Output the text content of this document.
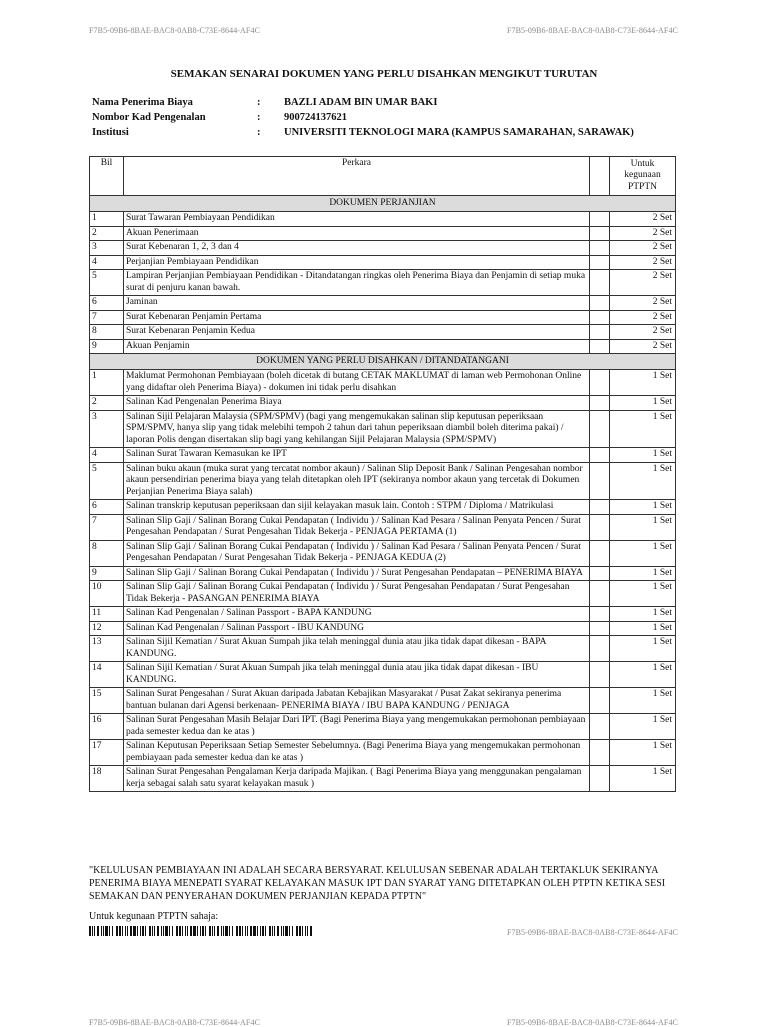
F7B5-09B6-8BAE-BAC8-0AB8-C73E-8644-AF4C	F7B5-09B6-8BAE-BAC8-0AB8-C73E-8644-AF4C
SEMAKAN SENARAI DOKUMEN YANG PERLU DISAHKAN MENGIKUT TURUTAN
Nama Penerima Biaya	: BAZLI ADAM BIN UMAR BAKI
Nombor Kad Pengenalan	: 900724137621
Institusi	: UNIVERSITI TEKNOLOGI MARA (KAMPUS SAMARAHAN, SARAWAK)
Bil	Perkara		Untuk kegunaan PTPTN
DOKUMEN PERJANJIAN			
1	Surat Tawaran Pembiayaan Pendidikan		2 Set
2	Akuan Penerimaan		2 Set
3	Surat Kebenaran 1, 2, 3 dan 4		2 Set
4	Perjanjian Pembiayaan Pendidikan		2 Set
5	Lampiran Perjanjian Pembiayaan Pendidikan - Ditandatangan ringkas oleh Penerima Biaya dan Penjamin di setiap muka surat di penjuru kanan bawah.		2 Set
6	Jaminan		2 Set
7	Surat Kebenaran Penjamin Pertama		2 Set
8	Surat Kebenaran Penjamin Kedua		2 Set
9	Akuan Penjamin		2 Set
DOKUMEN YANG PERLU DISAHKAN / DITANDATANGANI			
1	Maklumat Permohonan Pembiayaan (boleh dicetak di butang CETAK MAKLUMAT di laman web Permohonan Online yang didaftar oleh Penerima Biaya) - dokumen ini tidak perlu disahkan		1 Set
2	Salinan Kad Pengenalan Penerima Biaya		1 Set
3	Salinan Sijil Pelajaran Malaysia (SPM/SPMV) (bagi yang mengemukakan salinan slip keputusan peperiksaan SPM/SPMV, hanya slip yang tidak melebihi tempoh 2 tahun dari tahun peperiksaan diambil boleh diterima pakai) / laporan Polis dengan disertakan slip bagi yang kehilangan Sijil Pelajaran Malaysia (SPM/SPMV)		1 Set
4	Salinan Surat Tawaran Kemasukan ke IPT		1 Set
5	Salinan buku akaun (muka surat yang tercatat nombor akaun) / Salinan Slip Deposit Bank / Salinan Pengesahan nombor akaun persendirian penerima biaya yang telah ditetapkan oleh IPT (sekiranya nombor akaun yang tercetak di Dokumen Perjanjian Penerima Biaya salah)		1 Set
6	Salinan transkrip keputusan peperiksaan dan sijil kelayakan masuk lain. Contoh : STPM / Diploma / Matrikulasi		1 Set
7	Salinan Slip Gaji / Salinan Borang Cukai Pendapatan ( Individu ) / Salinan Kad Pesara / Salinan Penyata Pencen / Surat Pengesahan Pendapatan / Surat Pengesahan Tidak Bekerja - PENJAGA PERTAMA (1)		1 Set
8	Salinan Slip Gaji / Salinan Borang Cukai Pendapatan ( Individu ) / Salinan Kad Pesara / Salinan Penyata Pencen / Surat Pengesahan Pendapatan / Surat Pengesahan Tidak Bekerja - PENJAGA KEDUA (2)		1 Set
9	Salinan Slip Gaji / Salinan Borang Cukai Pendapatan ( Individu ) / Surat Pengesahan Pendapatan – PENERIMA BIAYA		1 Set
10	Salinan Slip Gaji / Salinan Borang Cukai Pendapatan ( Individu ) / Surat Pengesahan Pendapatan / Surat Pengesahan Tidak Bekerja - PASANGAN PENERIMA BIAYA		1 Set
11	Salinan Kad Pengenalan / Salinan Passport - BAPA KANDUNG		1 Set
12	Salinan Kad Pengenalan / Salinan Passport - IBU KANDUNG		1 Set
13	Salinan Sijil Kematian / Surat Akuan Sumpah jika telah meninggal dunia atau jika tidak dapat dikesan - BAPA KANDUNG.		1 Set
14	Salinan Sijil Kematian / Surat Akuan Sumpah jika telah meninggal dunia atau jika tidak dapat dikesan - IBU KANDUNG.		1 Set
15	Salinan Surat Pengesahan / Surat Akuan daripada Jabatan Kebajikan Masyarakat / Pusat Zakat sekiranya penerima bantuan bulanan dari Agensi berkenaan- PENERIMA BIAYA / IBU BAPA KANDUNG / PENJAGA		1 Set
16	Salinan Surat Pengesahan Masih Belajar Dari IPT. (Bagi Penerima Biaya yang mengemukakan permohonan pembiayaan pada semester kedua dan ke atas )		1 Set
17	Salinan Keputusan Peperiksaan Setiap Semester Sebelumnya. (Bagi Penerima Biaya yang mengemukakan permohonan pembiayaan pada semester kedua dan ke atas )		1 Set
18	Salinan Surat Pengesahan Pengalaman Kerja daripada Majikan. ( Bagi Penerima Biaya yang menggunakan pengalaman kerja sebagai salah satu syarat kelayakan masuk )		1 Set
"KELULUSAN PEMBIAYAAN INI ADALAH SECARA BERSYARAT. KELULUSAN SEBENAR ADALAH TERTAKLUK SEKIRANYA PENERIMA BIAYA MENEPATI SYARAT KELAYAKAN MASUK IPT DAN SYARAT YANG DITETAPKAN OLEH PTPTN KETIKA SESI SEMAKAN DAN PENYERAHAN DOKUMEN PERJANJIAN KEPADA PTPTN"
Untuk kegunaan PTPTN sahaja:
F7B5-09B6-8BAE-BAC8-0AB8-C73E-8644-AF4C
F7B5-09B6-8BAE-BAC8-0AB8-C73E-8644-AF4C	F7B5-09B6-8BAE-BAC8-0AB8-C73E-8644-AF4C
